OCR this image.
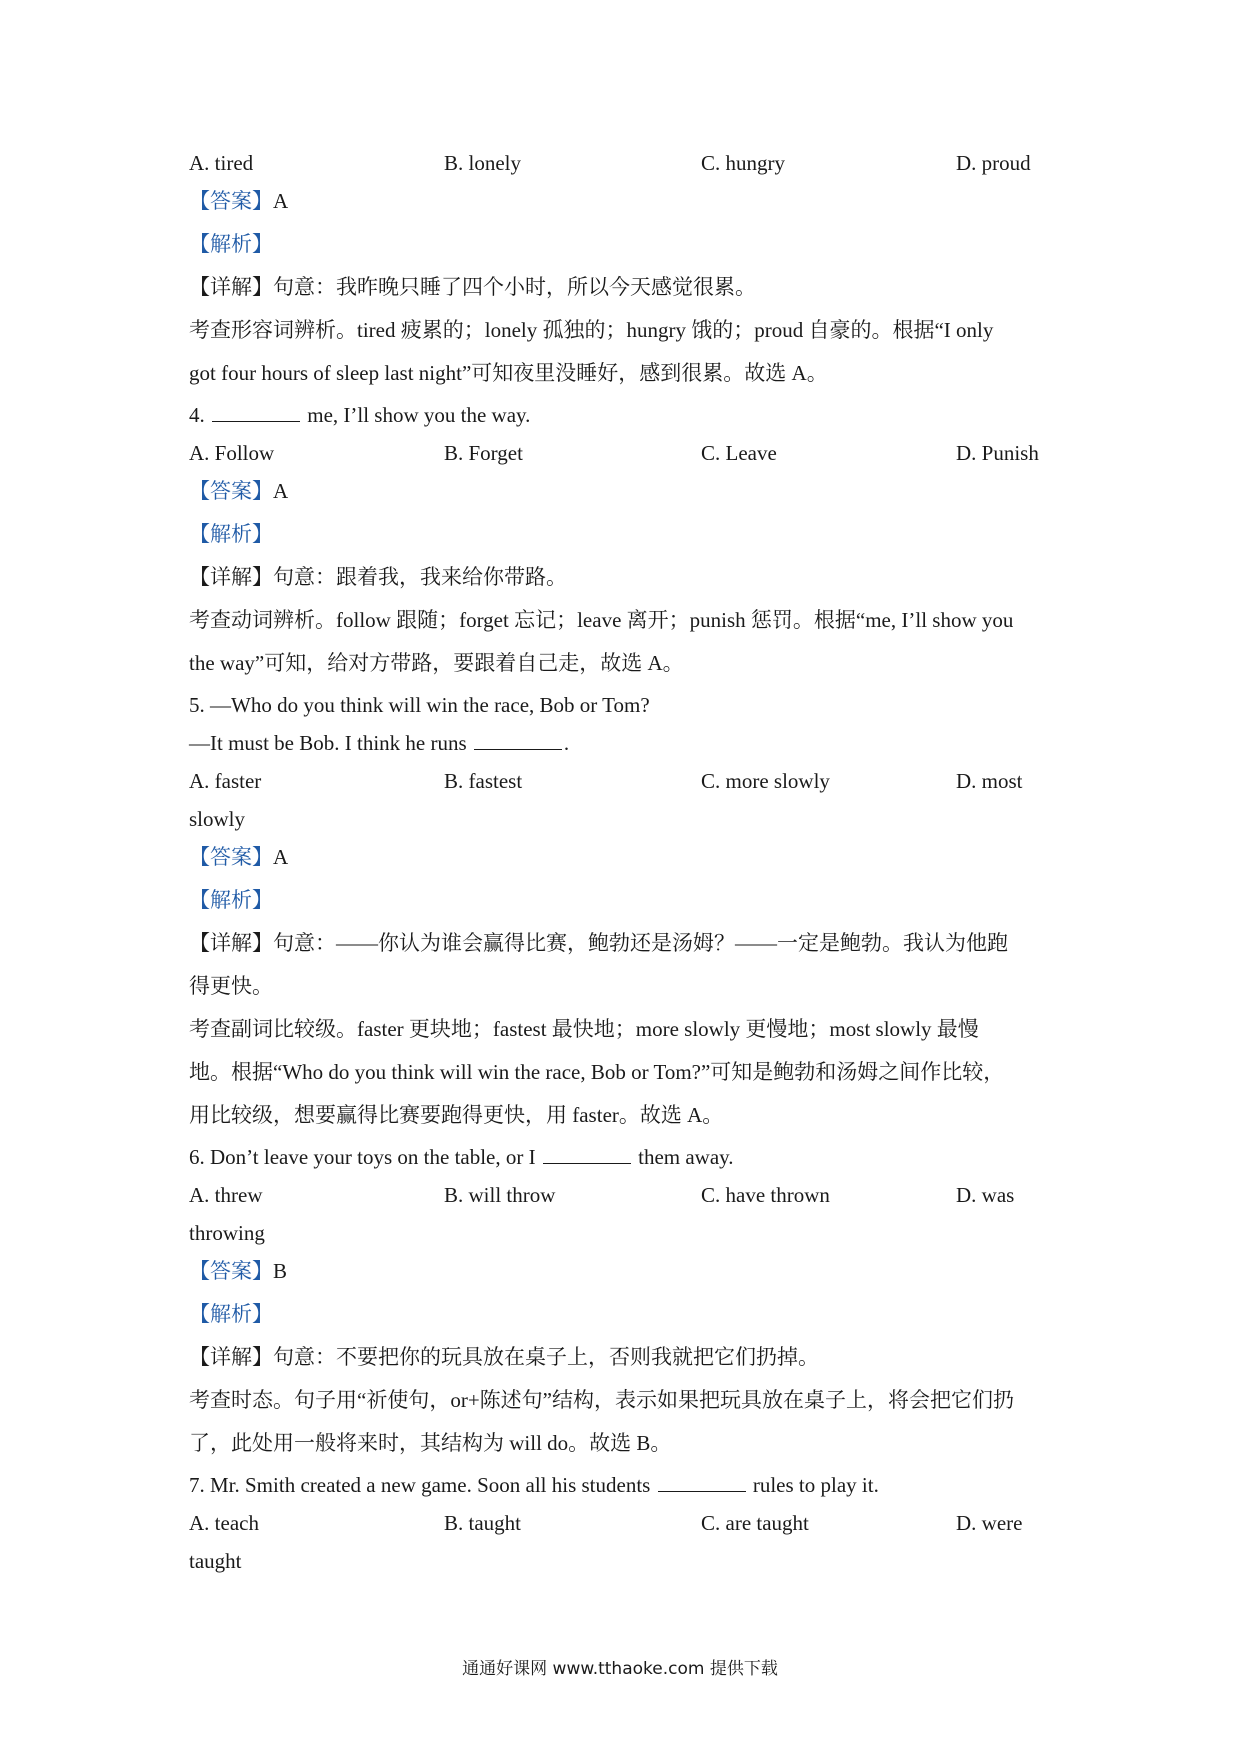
A. tired	B. lonely	C. hungry	D. proud
【答案】A
【解析】
【详解】句意：我昨晚只睡了四个小时，所以今天感觉很累。
考查形容词辨析。tired 疲累的；lonely 孤独的；hungry 饿的；proud 自豪的。根据“I only
got four hours of sleep last night”可知夜里没睡好，感到很累。故选 A。
4.	me, I’ll show you the way.
A. Follow	B. Forget	C. Leave	D. Punish
【答案】A
【解析】
【详解】句意：跟着我，我来给你带路。
考查动词辨析。follow 跟随；forget 忘记；leave 离开；punish 惩罚。根据“me, I’ll show you
the way”可知，给对方带路，要跟着自己走，故选 A。
5. —Who do you think will win the race, Bob or Tom?
—It must be Bob. I think he runs	.
A. faster	B. fastest	C. more slowly	D. most
slowly
【答案】A
【解析】
【详解】句意：——你认为谁会赢得比赛，鲍勃还是汤姆？——一定是鲍勃。我认为他跑
得更快。
考查副词比较级。faster 更块地；fastest 最快地；more slowly 更慢地；most slowly 最慢
地。根据“Who do you think will win the race, Bob or Tom?”可知是鲍勃和汤姆之间作比较，
用比较级，想要赢得比赛要跑得更快，用 faster。故选 A。
6. Don’t leave your toys on the table, or I	them away.
A. threw	B. will throw	C. have thrown	D. was
throwing
【答案】B
【解析】
【详解】句意：不要把你的玩具放在桌子上，否则我就把它们扔掉。
考查时态。句子用“祈使句，or+陈述句”结构，表示如果把玩具放在桌子上，将会把它们扔
了，此处用一般将来时，其结构为 will do。故选 B。
7. Mr. Smith created a new game. Soon all his students	rules to play it.
A. teach	B. taught	C. are taught	D. were
taught
通通好课网 www.tthaoke.com 提供下载
